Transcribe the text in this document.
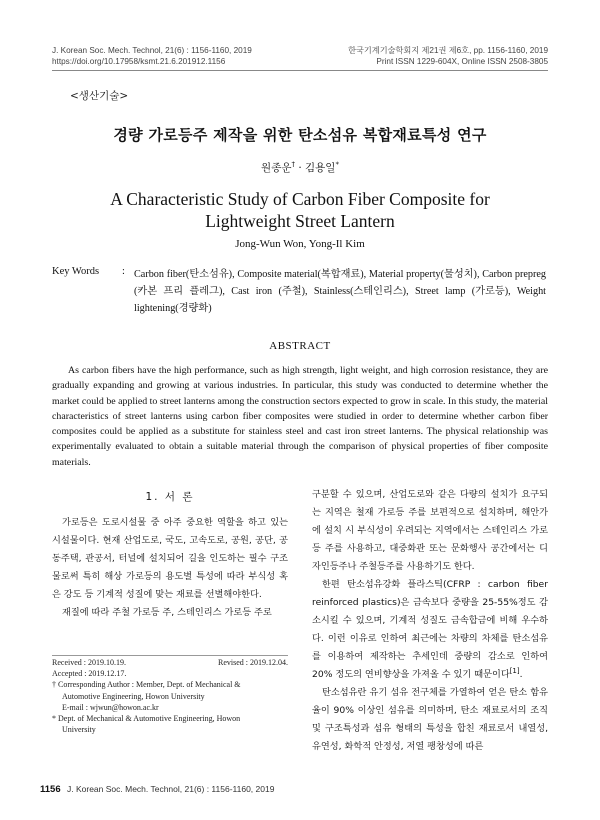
J. Korean Soc. Mech. Technol, 21(6) : 1156-1160, 2019
https://doi.org/10.17958/ksmt.21.6.201912.1156
한국기계기술학회지 제21권 제6호, pp. 1156-1160, 2019
Print ISSN 1229-604X, Online ISSN 2508-3805
<생산기술>
경량 가로등주 제작을 위한 탄소섬유 복합재료특성 연구
원종운† · 김용일*
A Characteristic Study of Carbon Fiber Composite for
Lightweight Street Lantern
Jong-Wun Won, Yong-Il Kim
Key Words : Carbon fiber(탄소섬유), Composite material(복합재료), Material property(물성치), Carbon prepreg (카본 프리 플레그), Cast iron (주철), Stainless(스테인리스), Street lamp (가로등), Weight lightening(경량화)
ABSTRACT
As carbon fibers have the high performance, such as high strength, light weight, and high corrosion resistance, they are gradually expanding and growing at various industries. In particular, this study was conducted to determine whether the market could be applied to street lanterns among the construction sectors expected to grow in scale. In this study, the material characteristics of street lanterns using carbon fiber composites were studied in order to determine whether carbon fiber composites could be applied as a substitute for stainless steel and cast iron street lanterns. The physical relationship was experimentally evaluated to obtain a suitable material through the comparison of physical properties of fiber composite materials.
1. 서 론

가로등은 도로시설물 중 아주 중요한 역할을 하고 있는 시설물이다. 현재 산업도로, 국도, 고속도로, 공원, 공단, 공동주택, 관공서, 터널에 설치되어 길을 인도하는 필수 구조물로써 특히 해상 가로등의 용도별 특성에 따라 부식성 혹은 강도 등 기계적 성질에 맞는 재료를 선별해야한다.

재질에 따라 주철 가로등 주, 스테인리스 가로등 주로

Received : 2019.10.19.	Revised : 2019.12.04.
Accepted : 2019.12.17.
† Corresponding Author : Member, Dept. of Mechanical &
Automotive Engineering, Howon University
E-mail : wjwun@howon.ac.kr
* Dept. of Mechanical & Automotive Engineering, Howon
University

구분할 수 있으며, 산업도로와 같은 다량의 설치가 요구되는 지역은 철재 가로등 주를 보편적으로 설치하며, 해안가에 설치 시 부식성이 우려되는 지역에서는 스테인리스 가로등 주를 사용하고, 대중화관 또는 문화행사 공간에서는 디자인등주나 주철등주를 사용하기도 한다.

한편 탄소섬유강화 플라스틱(CFRP : carbon fiber reinforced plastics)은 금속보다 중량을 25-55%정도 감소시킬 수 있으며, 기계적 성질도 금속합금에 비해 우수하다. 이런 이유로 인하여 최근에는 차량의 차체를 탄소섬유를 이용하여 제작하는 추세인데 중량의 감소로 인하여 20% 정도의 연비향상을 가져올 수 있기 때문이다[1].

탄소섬유란 유기 섬유 전구체를 가열하여 얻은 탄소 함유율이 90% 이상인 섬유를 의미하며, 탄소 재료로서의 조직 및 구조특성과 섬유 형태의 특성을 합친 재료로서 내열성, 유연성, 화학적 안정성, 저열 팽창성에 따른

1156 J. Korean Soc. Mech. Technol, 21(6) : 1156-1160, 2019
